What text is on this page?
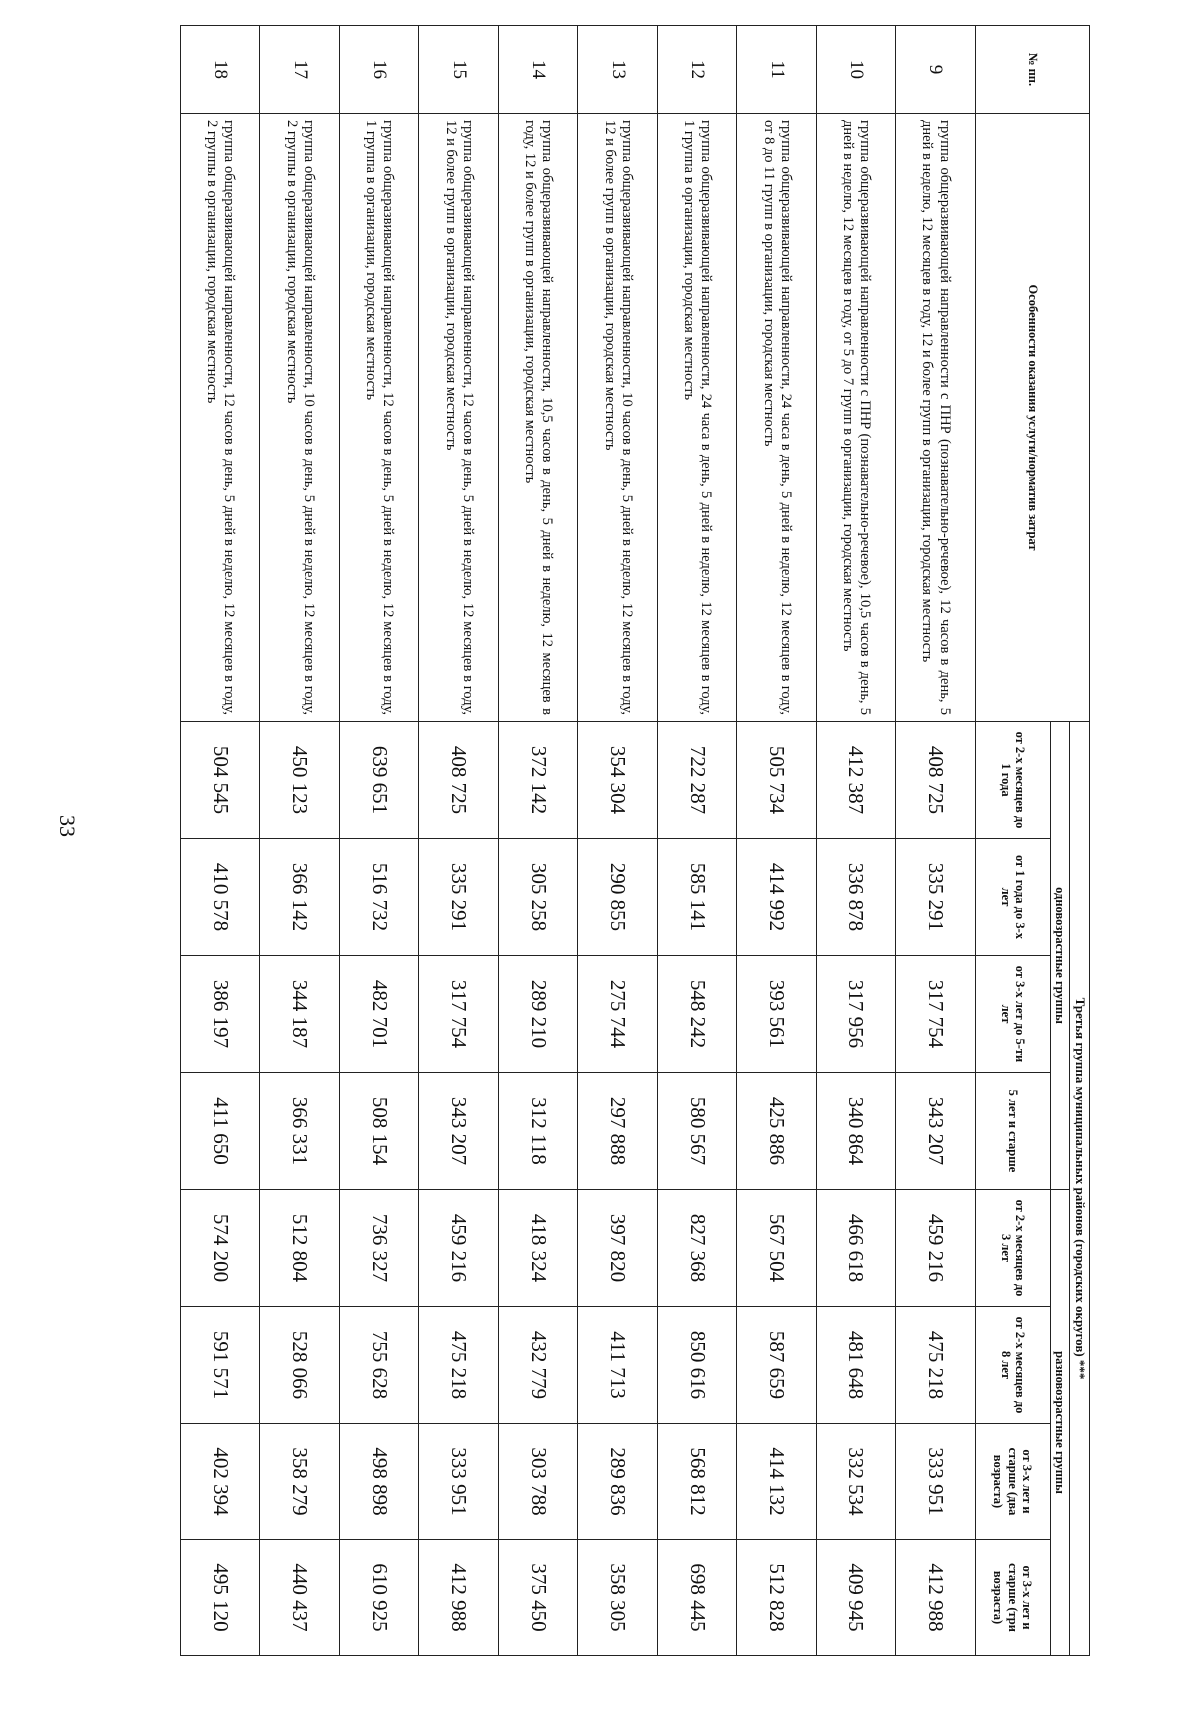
33
№ пп.	Особенности оказания услуги/норматив затрат	Третья группа муниципальных районов (городских округов) ***							
		одновозрастные группы				разновозрастные группы			
		от 2-х месяцев до 1 года	от 1 года до 3-х лет	от 3-х лет до 5-ти лет	5 лет и старше	от 2-х месяцев до 3 лет	от 2-х месяцев до 8 лет	от 3-х лет и старше (два возраста)	от 3-х лет и старше (три возраста)

9	группа общеразвивающей направленности с ПНР (познавательно-речевое), 12 часов в день, 5 дней в неделю, 12 месяцев в году, 12 и более групп в организации, городская местность	408 725	335 291	317 754	343 207	459 216	475 218	333 951	412 988
10	группа общеразвивающей направленности с ПНР (познавательно-речевое), 10,5 часов в день, 5 дней в неделю, 12 месяцев в году, от 5 до 7 групп в организации, городская местность	412 387	336 878	317 956	340 864	466 618	481 648	332 534	409 945
11	группа общеразвивающей направленности, 24 часа в день, 5 дней в неделю, 12 месяцев в году, от 8 до 11 групп в организации, городская местность	505 734	414 992	393 561	425 886	567 504	587 659	414 132	512 828
12	группа общеразвивающей направленности, 24 часа в день, 5 дней в неделю, 12 месяцев в году, 1 группа в организации, городская местность	722 287	585 141	548 242	580 567	827 368	850 616	568 812	698 445
13	группа общеразвивающей направленности, 10 часов в день, 5 дней в неделю, 12 месяцев в году, 12 и более групп в организации, городская местность	354 304	290 855	275 744	297 888	397 820	411 713	289 836	358 305
14	группа общеразвивающей направленности, 10,5 часов в день, 5 дней в неделю, 12 месяцев в году, 12 и более групп в организации, городская местность	372 142	305 258	289 210	312 118	418 324	432 779	303 788	375 450
15	группа общеразвивающей направленности, 12 часов в день, 5 дней в неделю, 12 месяцев в году, 12 и более групп в организации, городская местность	408 725	335 291	317 754	343 207	459 216	475 218	333 951	412 988
16	группа общеразвивающей направленности, 12 часов в день, 5 дней в неделю, 12 месяцев в году, 1 группа в организации, городская местность	639 651	516 732	482 701	508 154	736 327	755 628	498 898	610 925
17	группа общеразвивающей направленности, 10 часов в день, 5 дней в неделю, 12 месяцев в году, 2 группы в организации, городская местность	450 123	366 142	344 187	366 331	512 804	528 066	358 279	440 437
18	группа общеразвивающей направленности, 12 часов в день, 5 дней в неделю, 12 месяцев в году, 2 группы в организации, городская местность	504 545	410 578	386 197	411 650	574 200	591 571	402 394	495 120
